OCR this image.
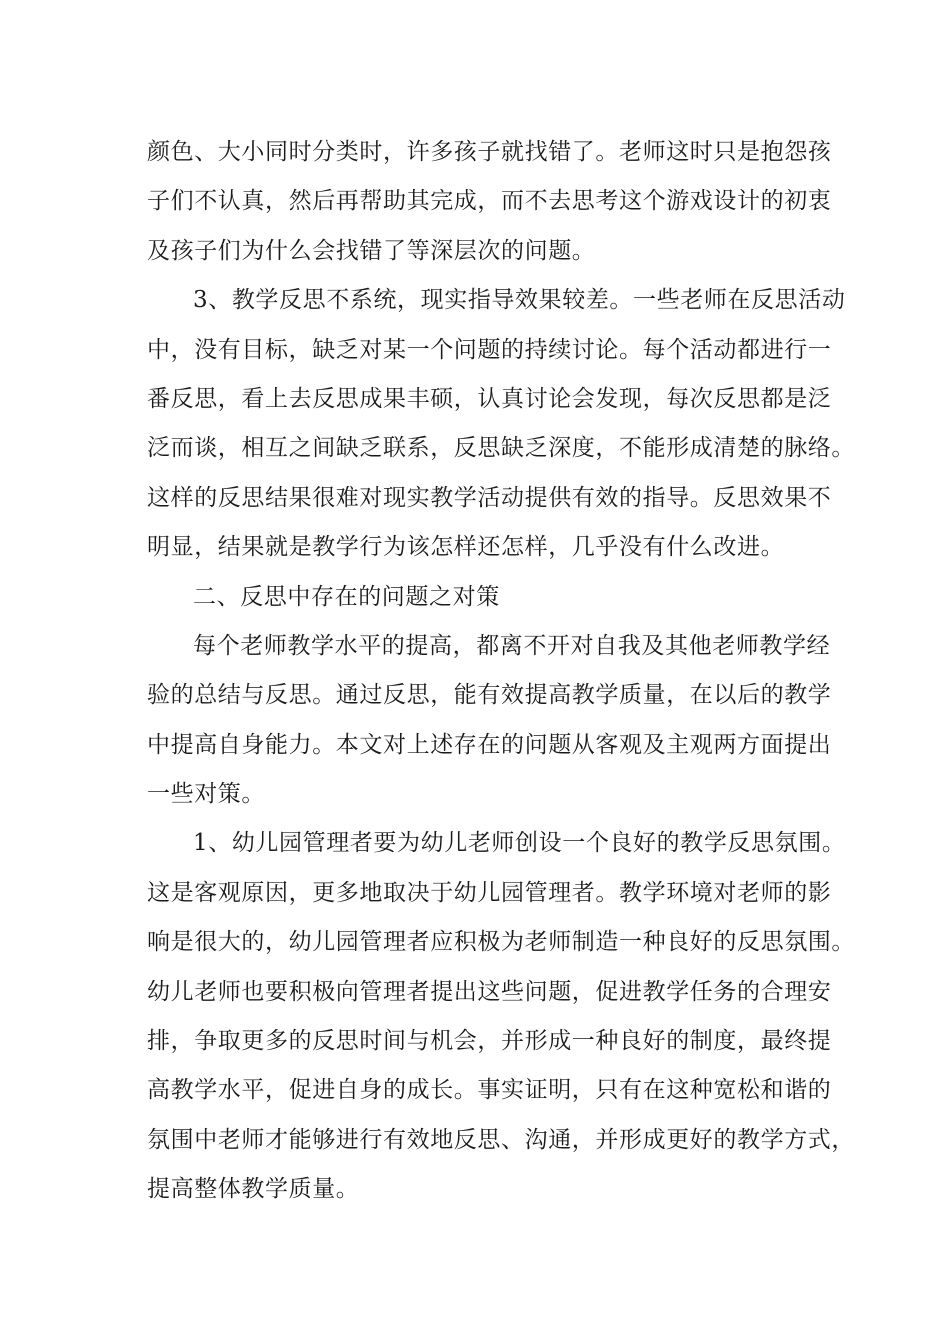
颜色、大小同时分类时，许多孩子就找错了。老师这时只是抱怨孩
子们不认真，然后再帮助其完成，而不去思考这个游戏设计的初衷
及孩子们为什么会找错了等深层次的问题。
3、教学反思不系统，现实指导效果较差。一些老师在反思活动
中，没有目标，缺乏对某一个问题的持续讨论。每个活动都进行一
番反思，看上去反思成果丰硕，认真讨论会发现，每次反思都是泛
泛而谈，相互之间缺乏联系，反思缺乏深度，不能形成清楚的脉络。
这样的反思结果很难对现实教学活动提供有效的指导。反思效果不
明显，结果就是教学行为该怎样还怎样，几乎没有什么改进。
二、反思中存在的问题之对策
每个老师教学水平的提高，都离不开对自我及其他老师教学经
验的总结与反思。通过反思，能有效提高教学质量，在以后的教学
中提高自身能力。本文对上述存在的问题从客观及主观两方面提出
一些对策。
1、幼儿园管理者要为幼儿老师创设一个良好的教学反思氛围。
这是客观原因，更多地取决于幼儿园管理者。教学环境对老师的影
响是很大的，幼儿园管理者应积极为老师制造一种良好的反思氛围。
幼儿老师也要积极向管理者提出这些问题，促进教学任务的合理安
排，争取更多的反思时间与机会，并形成一种良好的制度，最终提
高教学水平，促进自身的成长。事实证明，只有在这种宽松和谐的
氛围中老师才能够进行有效地反思、沟通，并形成更好的教学方式，
提高整体教学质量。
